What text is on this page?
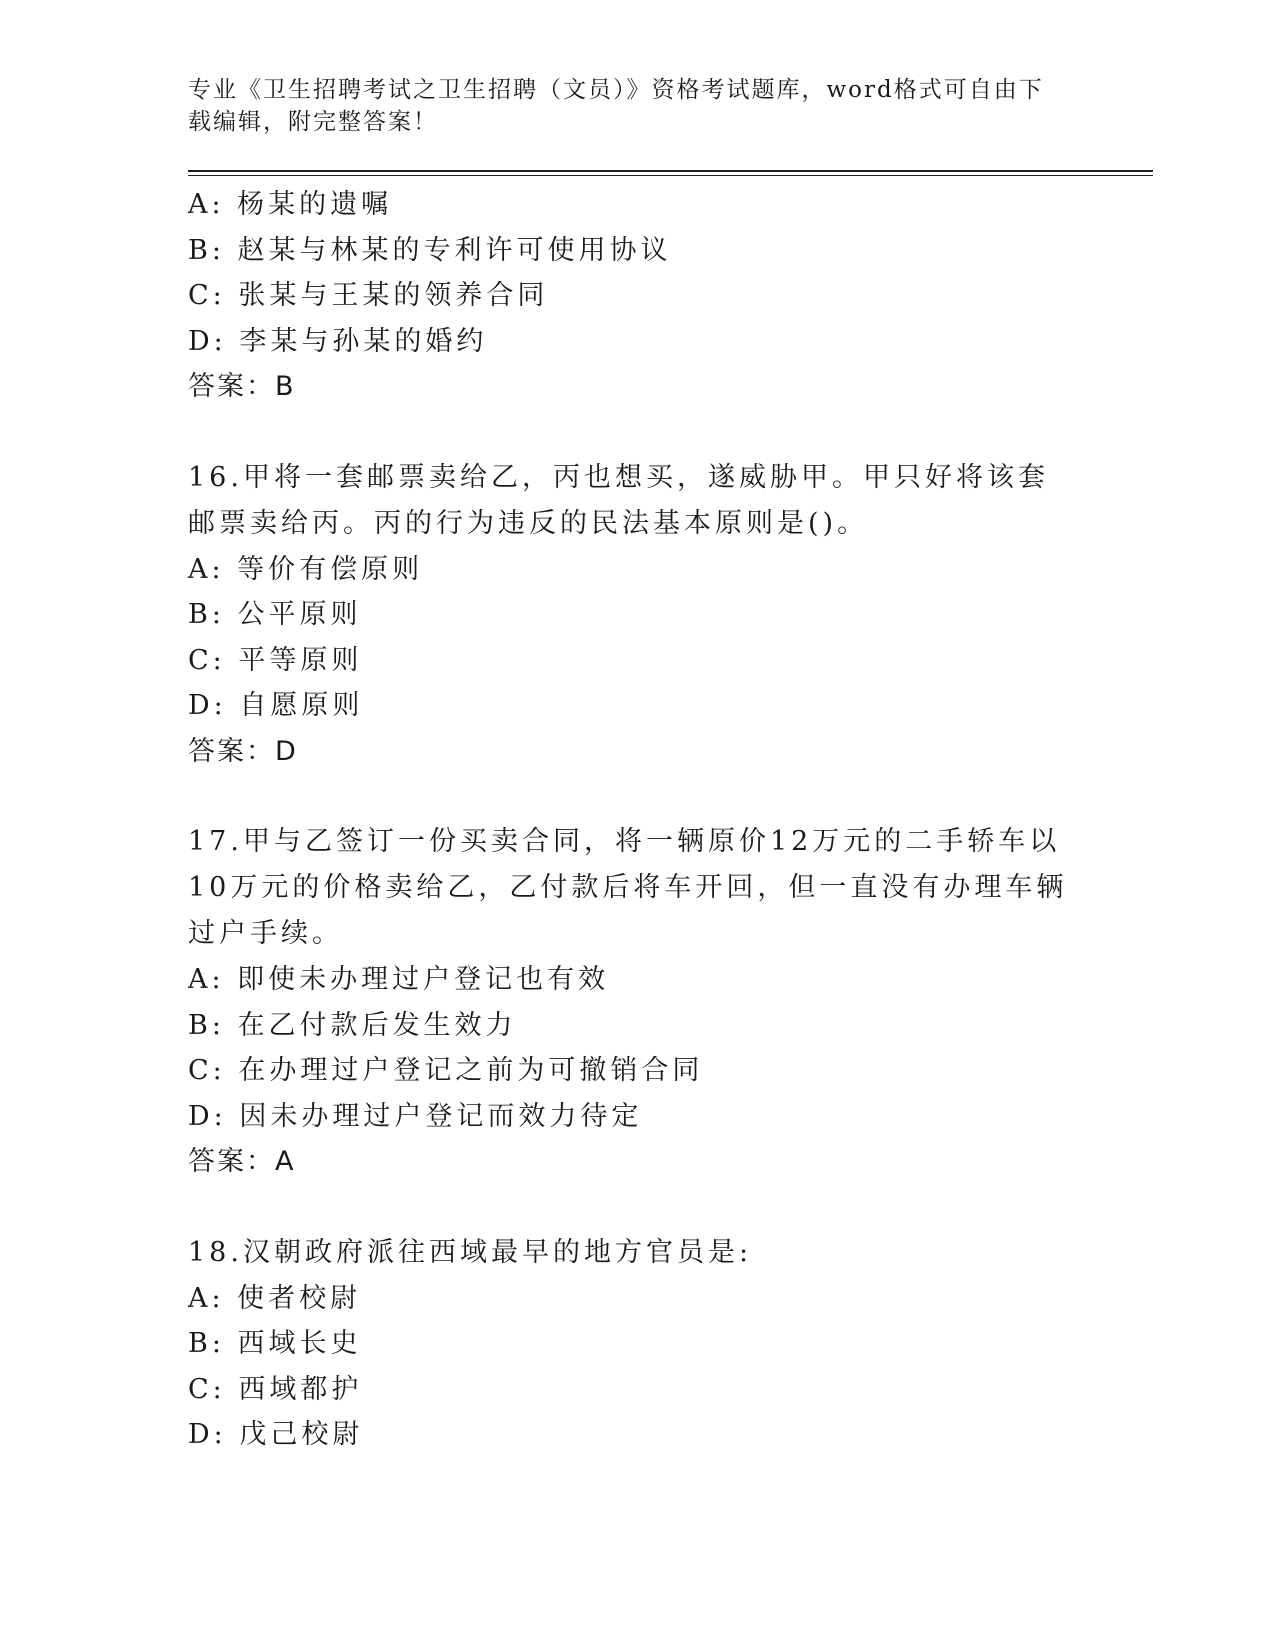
专业《卫生招聘考试之卫生招聘（文员）》资格考试题库，word格式可自由下载编辑，附完整答案！

A: 杨某的遗嘱

B: 赵某与林某的专利许可使用协议

C: 张某与王某的领养合同

D: 李某与孙某的婚约

答案：B

16.甲将一套邮票卖给乙，丙也想买，遂威胁甲。甲只好将该套邮票卖给丙。丙的行为违反的民法基本原则是()。

A: 等价有偿原则

B: 公平原则

C: 平等原则

D: 自愿原则

答案：D

17.甲与乙签订一份买卖合同，将一辆原价12万元的二手轿车以10万元的价格卖给乙，乙付款后将车开回，但一直没有办理车辆过户手续。

A: 即使未办理过户登记也有效

B: 在乙付款后发生效力

C: 在办理过户登记之前为可撤销合同

D: 因未办理过户登记而效力待定

答案：A

18.汉朝政府派往西域最早的地方官员是:

A: 使者校尉

B: 西域长史

C: 西域都护

D: 戊己校尉
